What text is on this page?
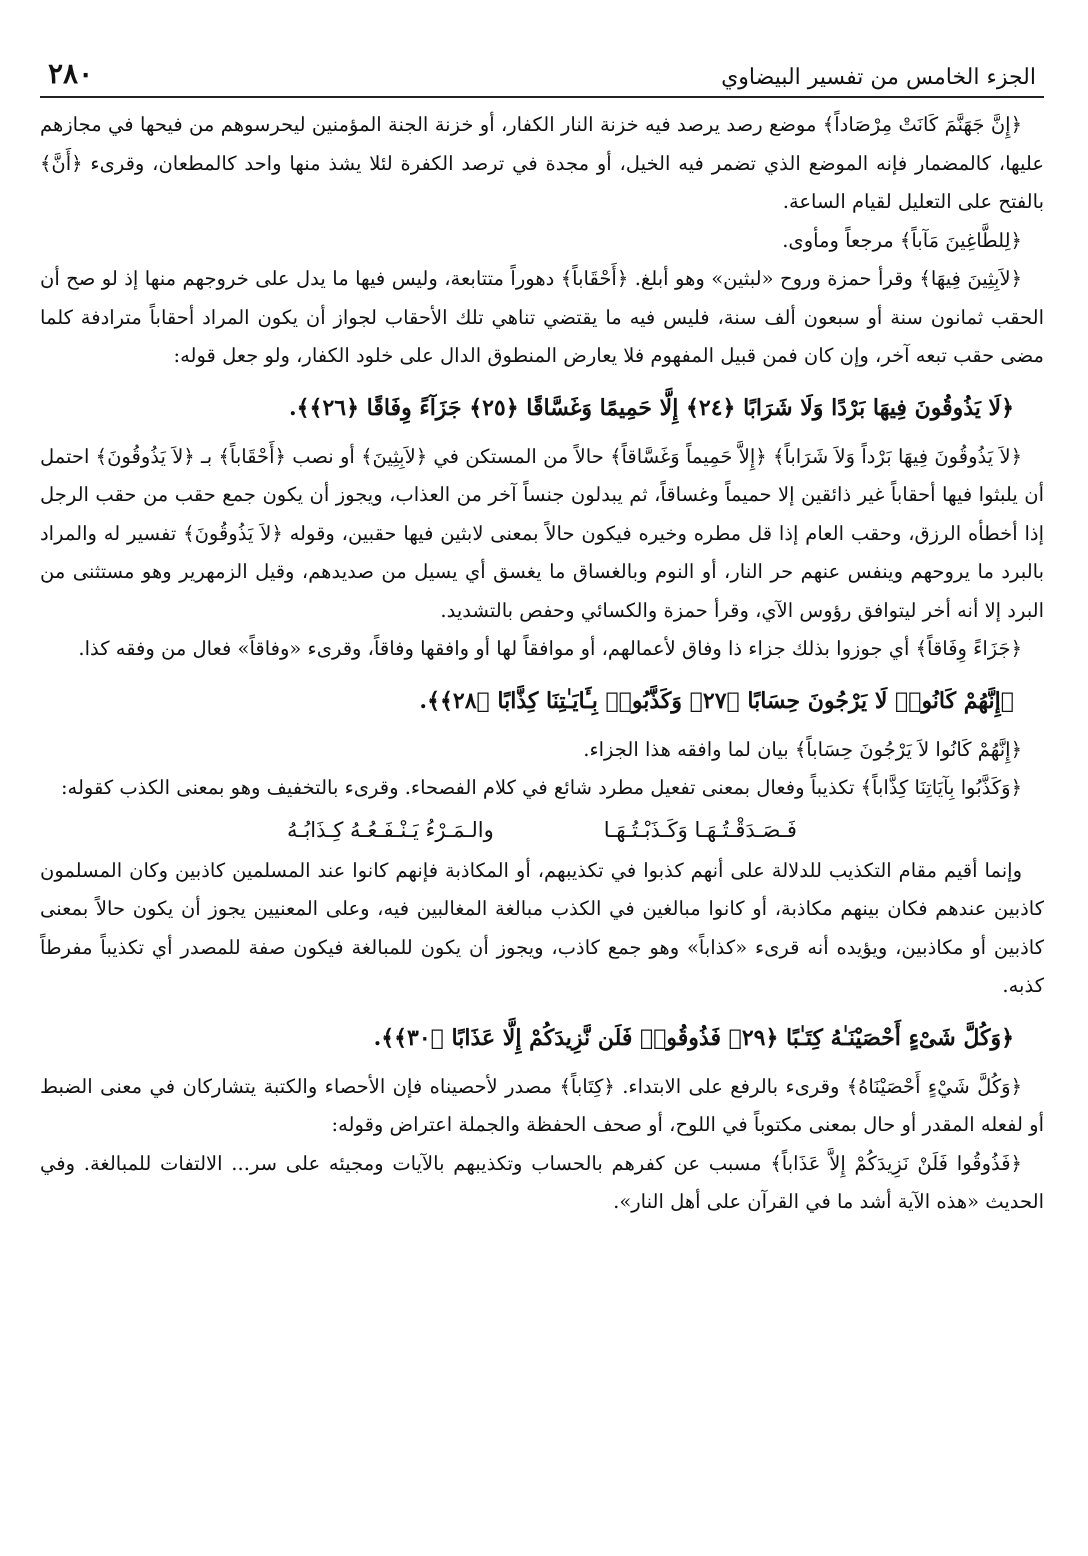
الجزء الخامس من تفسير البيضاوي
٢٨٠

﴿إِنَّ جَهَنَّمَ كَانَتْ مِرْصَاداً﴾ موضع رصد يرصد فيه خزنة النار الكفار، أو خزنة الجنة المؤمنين ليحرسوهم من فيحها في مجازهم عليها، كالمضمار فإنه الموضع الذي تضمر فيه الخيل، أو مجدة في ترصد الكفرة لئلا يشذ منها واحد كالمطعان، وقرىء ﴿أَنَّ﴾ بالفتح على التعليل لقيام الساعة.

﴿لِلطَّاغِينَ مَآباً﴾ مرجعاً ومأوى.

﴿لاَبِثِينَ فِيهَا﴾ وقرأ حمزة وروح «لبثين» وهو أبلغ. ﴿أَحْقَاباً﴾ دهوراً متتابعة، وليس فيها ما يدل على خروجهم منها إذ لو صح أن الحقب ثمانون سنة أو سبعون ألف سنة، فليس فيه ما يقتضي تناهي تلك الأحقاب لجواز أن يكون المراد أحقاباً مترادفة كلما مضى حقب تبعه آخر، وإن كان فمن قبيل المفهوم فلا يعارض المنطوق الدال على خلود الكفار، ولو جعل قوله:

﴿لَا يَذُوقُونَ فِيهَا بَرْدًا وَلَا شَرَابًا ﴿٢٤﴾ إِلَّا حَمِيمًا وَغَسَّاقًا ﴿٢٥﴾ جَزَآءً وِفَاقًا ﴿٢٦﴾﴾.

﴿لاَ يَذُوقُونَ فِيهَا بَرْداً وَلاَ شَرَاباً﴾ ﴿إِلاَّ حَمِيماً وَغَسَّاقاً﴾ حالاً من المستكن في ﴿لاَبِثِينَ﴾ أو نصب ﴿أَحْقَاباً﴾ بـ ﴿لاَ يَذُوقُونَ﴾ احتمل أن يلبثوا فيها أحقاباً غير ذائقين إلا حميماً وغساقاً، ثم يبدلون جنساً آخر من العذاب، ويجوز أن يكون جمع حقب من حقب الرجل إذا أخطأه الرزق، وحقب العام إذا قل مطره وخيره فيكون حالاً بمعنى لابثين فيها حقبين، وقوله ﴿لاَ يَذُوقُونَ﴾ تفسير له والمراد بالبرد ما يروحهم وينفس عنهم حر النار، أو النوم وبالغساق ما يغسق أي يسيل من صديدهم، وقيل الزمهرير وهو مستثنى من البرد إلا أنه أخر ليتوافق رؤوس الآي، وقرأ حمزة والكسائي وحفص بالتشديد.

﴿جَزَاءً وِفَاقاً﴾ أي جوزوا بذلك جزاء ذا وفاق لأعمالهم، أو موافقاً لها أو وافقها وفاقاً، وقرىء «وفاقاً» فعال من وفقه كذا.

﴿إِنَّهُمْ كَانُوا۟ لَا يَرْجُونَ حِسَابًا ﴿٢٧﴾ وَكَذَّبُوا۟ بِـَٔايَـٰتِنَا كِذَّابًا ﴿٢٨﴾﴾.

﴿إِنَّهُمْ كَانُوا لاَ يَرْجُونَ حِسَاباً﴾ بيان لما وافقه هذا الجزاء.

﴿وَكَذَّبُوا بِآيَاتِنَا كِذَّاباً﴾ تكذيباً وفعال بمعنى تفعيل مطرد شائع في كلام الفصحاء. وقرىء بالتخفيف وهو بمعنى الكذب كقوله:

فَـصَـدَقْـتُـهَـا وَكَـذَبْـتُـهَـا
والـمَـرْءُ يَـنْـفَـعُـهُ كِـذَابُـهُ

وإنما أقيم مقام التكذيب للدلالة على أنهم كذبوا في تكذيبهم، أو المكاذبة فإنهم كانوا عند المسلمين كاذبين وكان المسلمون كاذبين عندهم فكان بينهم مكاذبة، أو كانوا مبالغين في الكذب مبالغة المغالبين فيه، وعلى المعنيين يجوز أن يكون حالاً بمعنى كاذبين أو مكاذبين، ويؤيده أنه قرىء «كذاباً» وهو جمع كاذب، ويجوز أن يكون للمبالغة فيكون صفة للمصدر أي تكذيباً مفرطاً كذبه.

﴿وَكُلَّ شَىْءٍ أَحْصَيْنَـٰهُ كِتَـٰبًا ﴿٢٩﴾ فَذُوقُوا۟ فَلَن نَّزِيدَكُمْ إِلَّا عَذَابًا ﴿٣٠﴾﴾.

﴿وَكُلَّ شَيْءٍ أَحْصَيْنَاهُ﴾ وقرىء بالرفع على الابتداء. ﴿كِتَاباً﴾ مصدر لأحصيناه فإن الأحصاء والكتبة يتشاركان في معنى الضبط أو لفعله المقدر أو حال بمعنى مكتوباً في اللوح، أو صحف الحفظة والجملة اعتراض وقوله:

﴿فَذُوقُوا فَلَنْ نَزِيدَكُمْ إِلاَّ عَذَاباً﴾ مسبب عن كفرهم بالحساب وتكذيبهم بالآيات ومجيئه على سر... الالتفات للمبالغة. وفي الحديث «هذه الآية أشد ما في القرآن على أهل النار».
